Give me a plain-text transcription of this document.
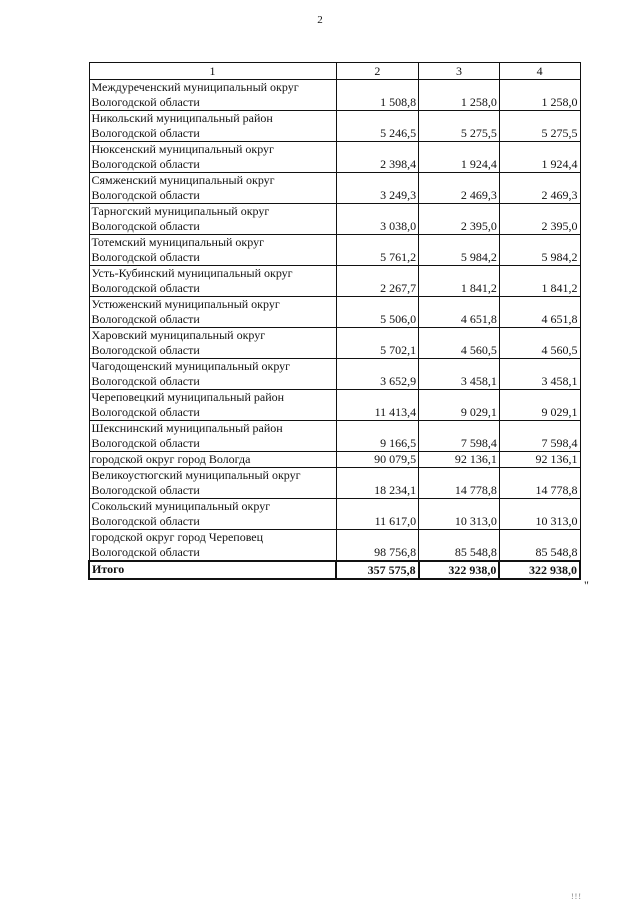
2
1	2	3	4

Междуреченский муниципальный округ
Вологодской области	1 508,8	1 258,0	1 258,0

Никольский муниципальный район
Вологодской области	5 246,5	5 275,5	5 275,5

Нюксенский муниципальный округ
Вологодской области	2 398,4	1 924,4	1 924,4

Сямженский муниципальный округ
Вологодской области	3 249,3	2 469,3	2 469,3

Тарногский муниципальный округ
Вологодской области	3 038,0	2 395,0	2 395,0

Тотемский муниципальный округ
Вологодской области	5 761,2	5 984,2	5 984,2

Усть-Кубинский муниципальный округ
Вологодской области	2 267,7	1 841,2	1 841,2

Устюженский муниципальный округ
Вологодской области	5 506,0	4 651,8	4 651,8

Харовский муниципальный округ
Вологодской области	5 702,1	4 560,5	4 560,5

Чагодощенский муниципальный округ
Вологодской области	3 652,9	3 458,1	3 458,1

Череповецкий муниципальный район
Вологодской области	11 413,4	9 029,1	9 029,1

Шекснинский муниципальный район
Вологодской области	9 166,5	7 598,4	7 598,4

городской округ город Вологда	90 079,5	92 136,1	92 136,1

Великоустюгский муниципальный округ
Вологодской области	18 234,1	14 778,8	14 778,8

Сокольский муниципальный округ
Вологодской области	11 617,0	10 313,0	10 313,0

городской округ город Череповец
Вологодской области	98 756,8	85 548,8	85 548,8
Итого	357 575,8	322 938,0	322 938,0
"
!!!
